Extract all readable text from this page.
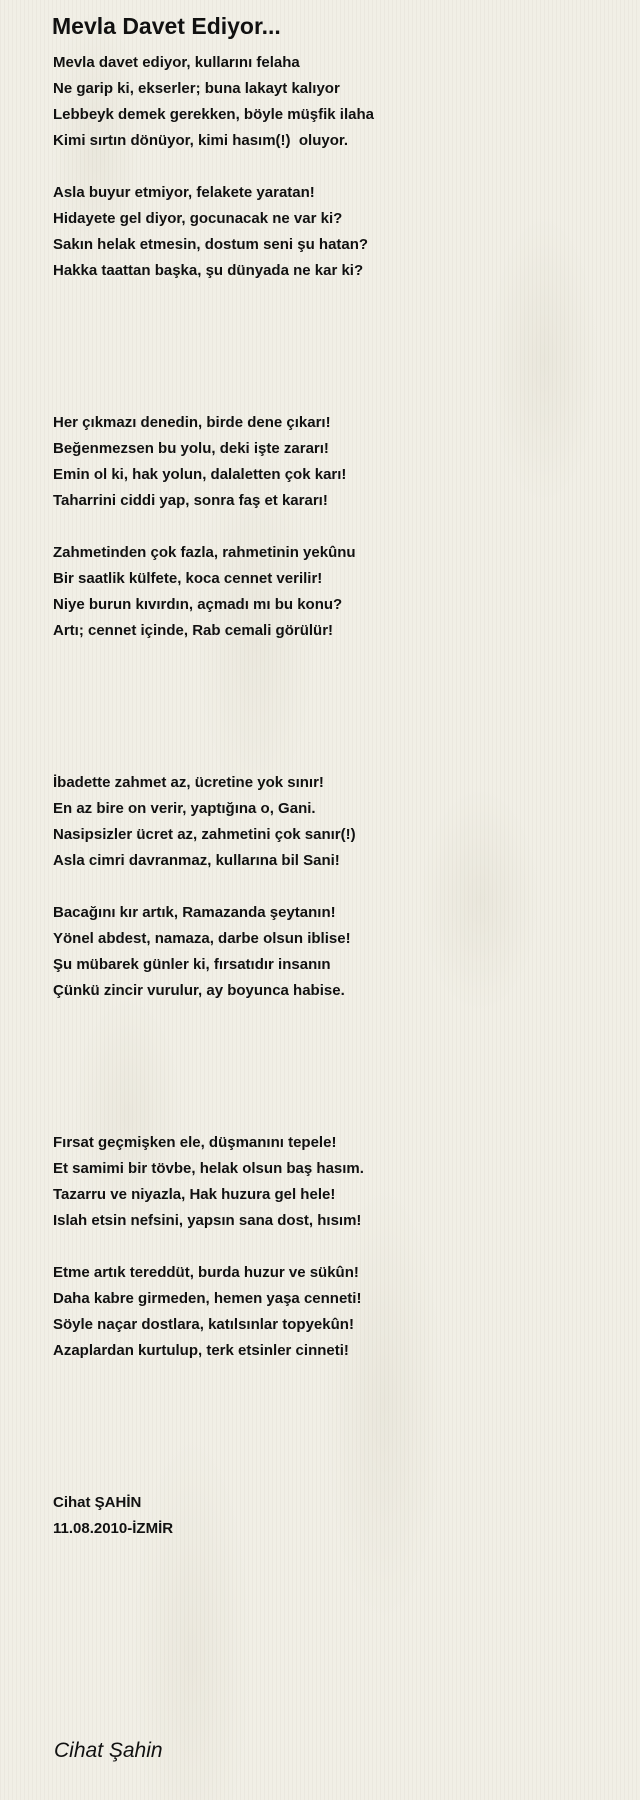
Mevla Davet Ediyor...
Mevla davet ediyor, kullarını felaha
Ne garip ki, ekserler; buna lakayt kalıyor
Lebbeyk demek gerekken, böyle müşfik ilaha
Kimi sırtın dönüyor, kimi hasım(!)  oluyor.
Asla buyur etmiyor, felakete yaratan!
Hidayete gel diyor, gocunacak ne var ki?
Sakın helak etmesin, dostum seni şu hatan?
Hakka taattan başka, şu dünyada ne kar ki?
Her çıkmazı denedin, birde dene çıkarı!
Beğenmezsen bu yolu, deki işte zararı!
Emin ol ki, hak yolun, dalaletten çok karı!
Taharrini ciddi yap, sonra faş et kararı!
Zahmetinden çok fazla, rahmetinin yekûnu
Bir saatlik külfete, koca cennet verilir!
Niye burun kıvırdın, açmadı mı bu konu?
Artı; cennet içinde, Rab cemali görülür!
İbadette zahmet az, ücretine yok sınır!
En az bire on verir, yaptığına o, Gani.
Nasipsizler ücret az, zahmetini çok sanır(!)
Asla cimri davranmaz, kullarına bil Sani!
Bacağını kır artık, Ramazanda şeytanın!
Yönel abdest, namaza, darbe olsun iblise!
Şu mübarek günler ki, fırsatıdır insanın
Çünkü zincir vurulur, ay boyunca habise.
Fırsat geçmişken ele, düşmanını tepele!
Et samimi bir tövbe, helak olsun baş hasım.
Tazarru ve niyazla, Hak huzura gel hele!
Islah etsin nefsini, yapsın sana dost, hısım!
Etme artık tereddüt, burda huzur ve sükûn!
Daha kabre girmeden, hemen yaşa cenneti!
Söyle naçar dostlara, katılsınlar topyekûn!
Azaplardan kurtulup, terk etsinler cinneti!
Cihat ŞAHİN
11.08.2010-İZMİR
Cihat Şahin
